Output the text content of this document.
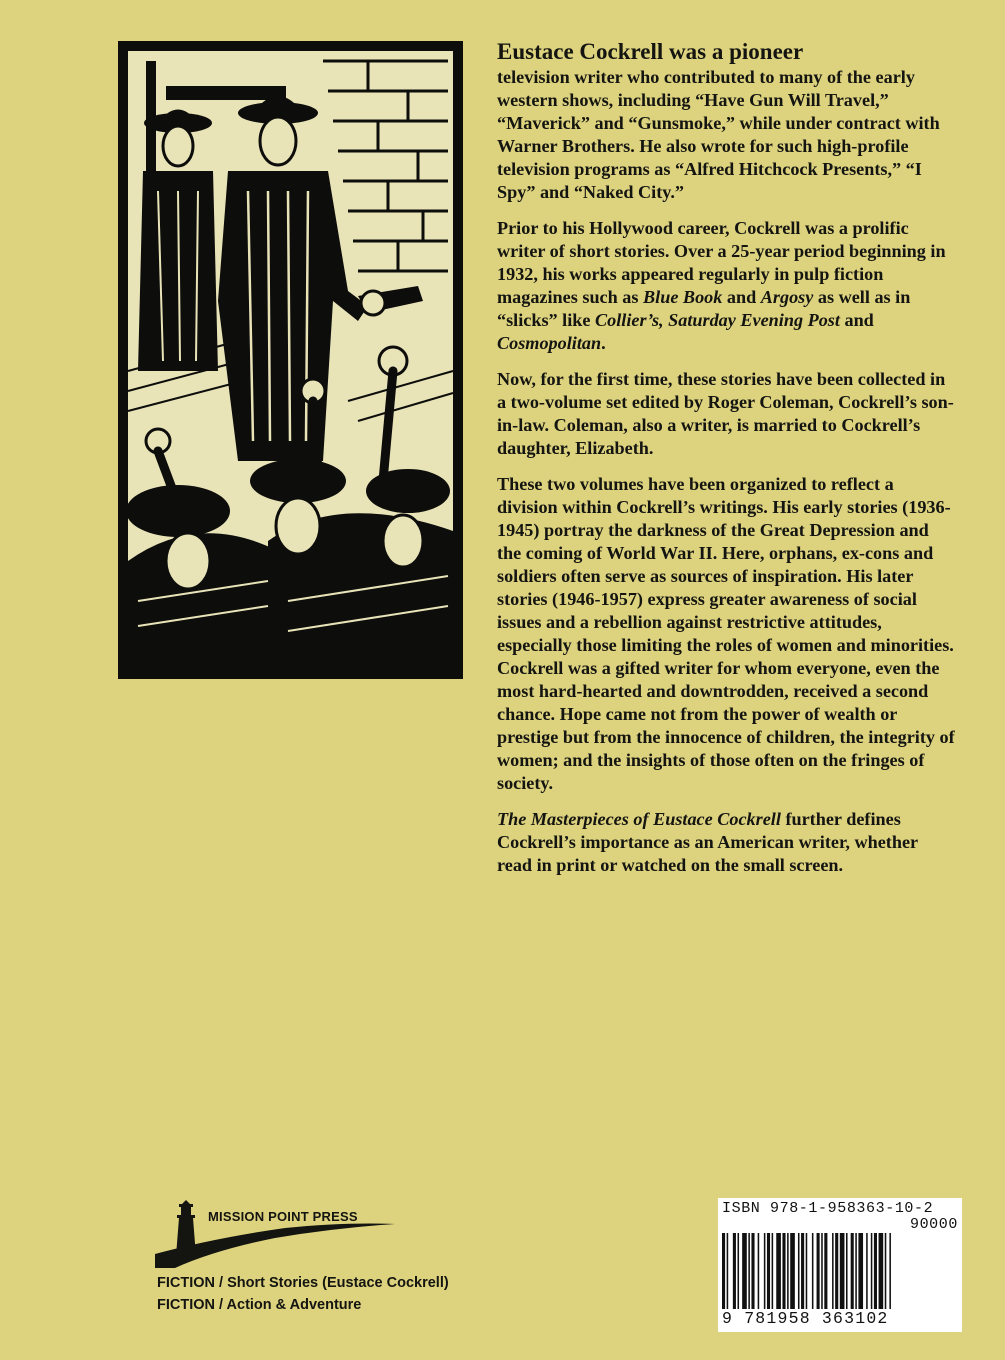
Eustace Cockrell was a pioneer
television writer who contributed to many of the early western shows, including “Have Gun Will Travel,” “Maverick” and “Gunsmoke,” while under contract with Warner Brothers. He also wrote for such high-profile television programs as “Alfred Hitchcock Presents,” “I Spy” and “Naked City.”

Prior to his Hollywood career, Cockrell was a prolific writer of short stories. Over a 25-year period beginning in 1932, his works appeared regularly in pulp fiction magazines such as Blue Book and Argosy as well as in “slicks” like Collier’s, Saturday Evening Post and Cosmopolitan.

Now, for the first time, these stories have been collected in a two-volume set edited by Roger Coleman, Cockrell’s son-in-law. Coleman, also a writer, is married to Cockrell’s daughter, Elizabeth.

These two volumes have been organized to reflect a division within Cockrell’s writings. His early stories (1936-1945) portray the darkness of the Great Depression and the coming of World War II. Here, orphans, ex-cons and soldiers often serve as sources of inspiration. His later stories (1946-1957) express greater awareness of social issues and a rebellion against restrictive attitudes, especially those limiting the roles of women and minorities. Cockrell was a gifted writer for whom everyone, even the most hard-hearted and downtrodden, received a second chance. Hope came not from the power of wealth or prestige but from the innocence of children, the integrity of women; and the insights of those often on the fringes of society.

The Masterpieces of Eustace Cockrell further defines Cockrell’s importance as an American writer, whether read in print or watched on the small screen.

MISSION POINT PRESS
FICTION / Short Stories (Eustace Cockrell)
FICTION / Action & Adventure
ISBN 978-1-958363-10-2
90000
9 781958 363102
